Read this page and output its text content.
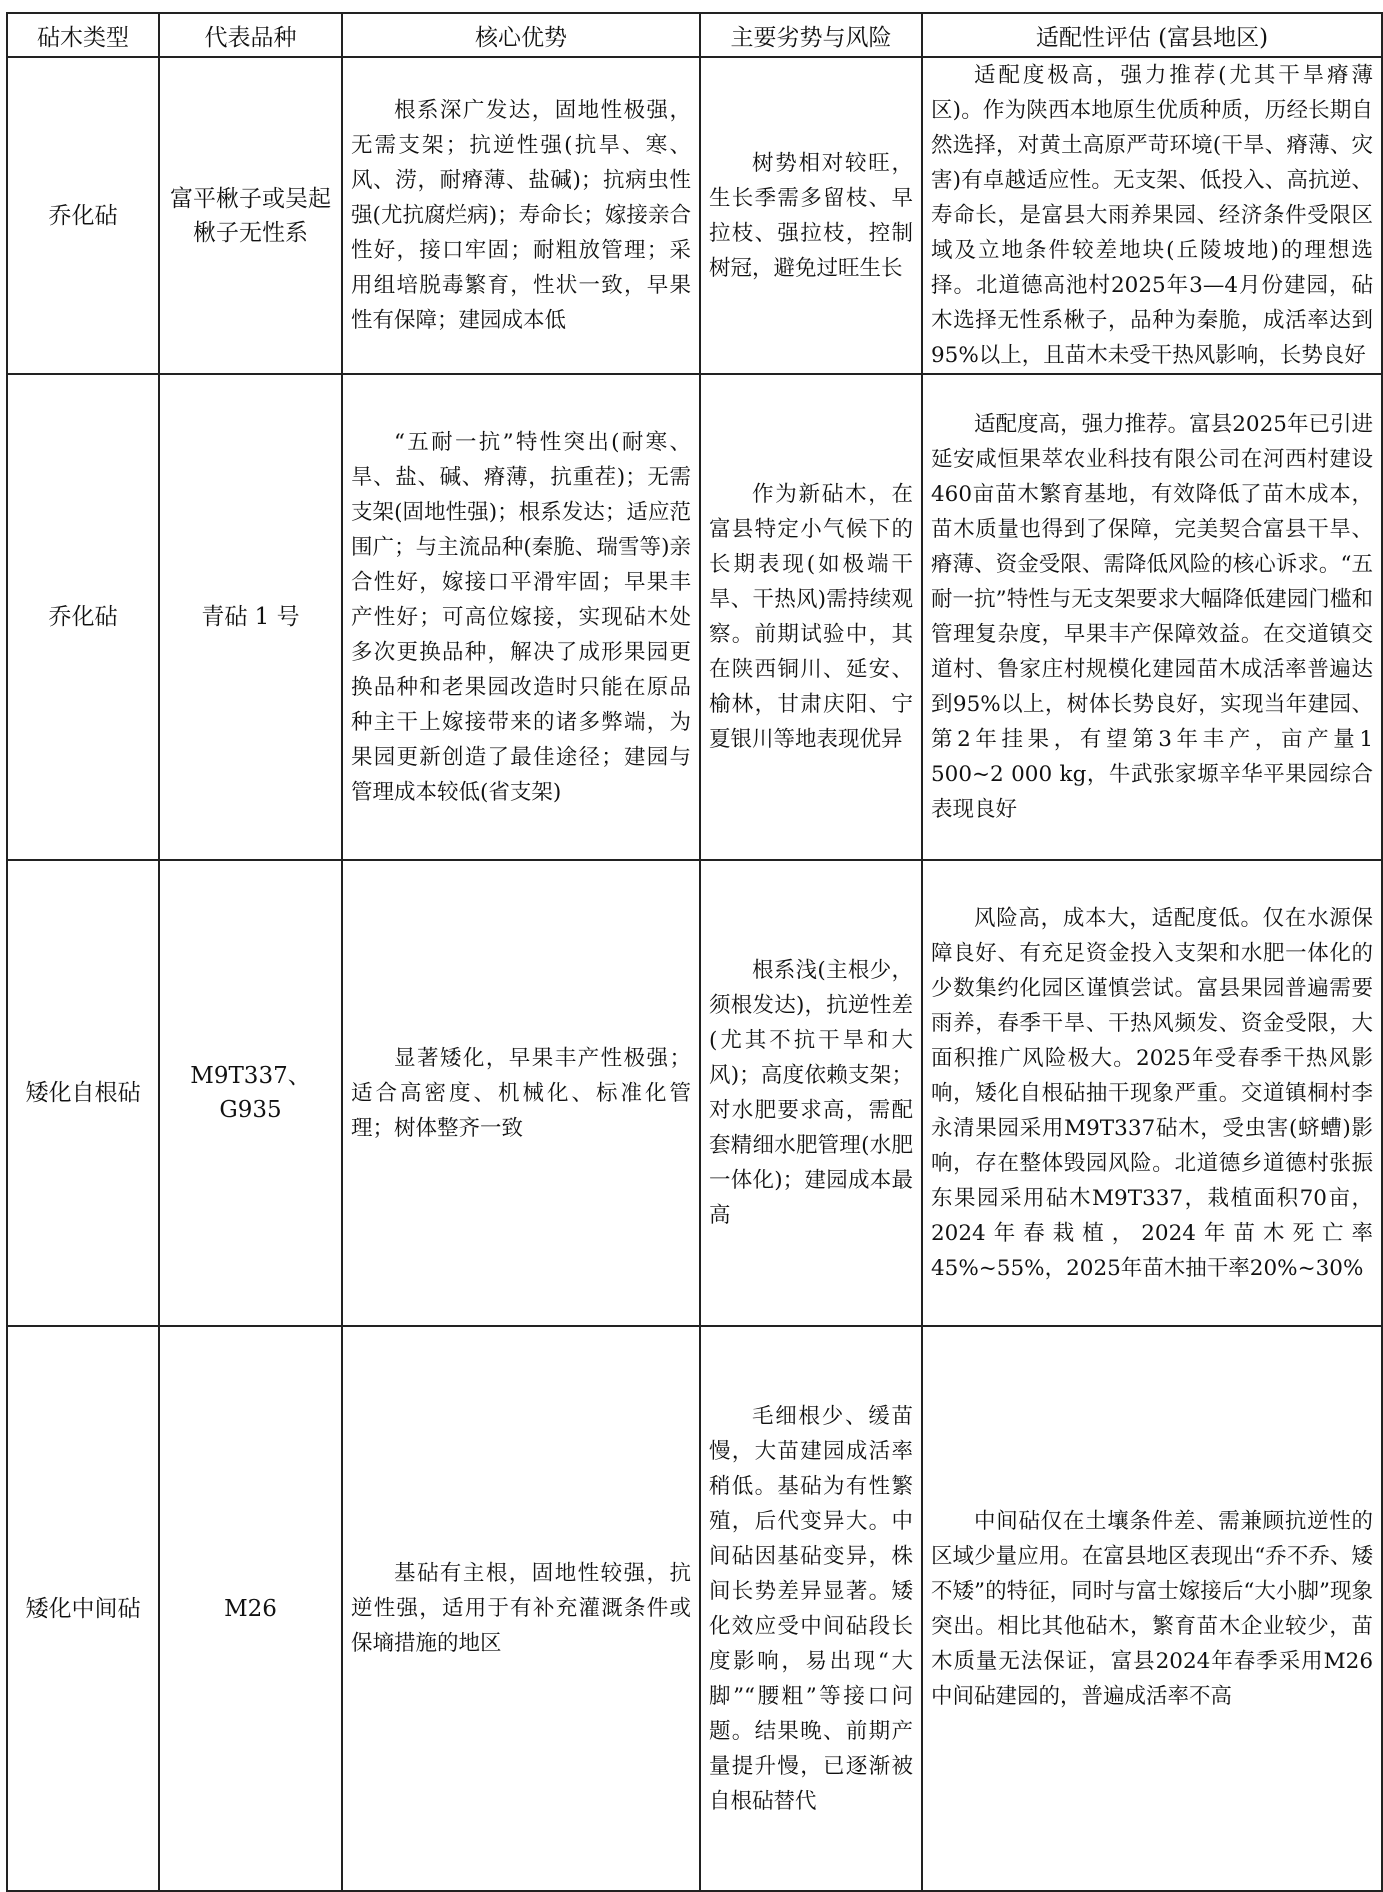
砧木类型	代表品种	核心优势	主要劣势与风险	适配性评估 (富县地区)
乔化砧	富平楸子或吴起楸子无性系	根系深广发达，固地性极强，无需支架；抗逆性强(抗旱、寒、风、涝，耐瘠薄、盐碱)；抗病虫性强(尤抗腐烂病)；寿命长；嫁接亲合性好，接口牢固；耐粗放管理；采用组培脱毒繁育，性状一致，早果性有保障；建园成本低	树势相对较旺，生长季需多留枝、早拉枝、强拉枝，控制树冠，避免过旺生长	适配度极高，强力推荐(尤其干旱瘠薄区)。作为陕西本地原生优质种质，历经长期自然选择，对黄土高原严苛环境(干旱、瘠薄、灾害)有卓越适应性。无支架、低投入、高抗逆、寿命长，是富县大雨养果园、经济条件受限区域及立地条件较差地块(丘陵坡地)的理想选择。北道德高池村2025年3—4月份建园，砧木选择无性系楸子，品种为秦脆，成活率达到95%以上，且苗木未受干热风影响，长势良好

乔化砧	青砧 1 号	“五耐一抗”特性突出(耐寒、旱、盐、碱、瘠薄，抗重茬)；无需支架(固地性强)；根系发达；适应范围广；与主流品种(秦脆、瑞雪等)亲合性好，嫁接口平滑牢固；早果丰产性好；可高位嫁接，实现砧木处多次更换品种，解决了成形果园更换品种和老果园改造时只能在原品种主干上嫁接带来的诸多弊端，为果园更新创造了最佳途径；建园与管理成本较低(省支架)	作为新砧木，在富县特定小气候下的长期表现(如极端干旱、干热风)需持续观察。前期试验中，其在陕西铜川、延安、榆林，甘肃庆阳、宁夏银川等地表现优异	适配度高，强力推荐。富县2025年已引进延安咸恒果萃农业科技有限公司在河西村建设460亩苗木繁育基地，有效降低了苗木成本，苗木质量也得到了保障，完美契合富县干旱、瘠薄、资金受限、需降低风险的核心诉求。“五耐一抗”特性与无支架要求大幅降低建园门槛和管理复杂度，早果丰产保障效益。在交道镇交道村、鲁家庄村规模化建园苗木成活率普遍达到95%以上，树体长势良好，实现当年建园、第2年挂果，有望第3年丰产，亩产量1 500~2 000 kg，牛武张家塬辛华平果园综合表现良好

矮化自根砧	M9T337、G935	显著矮化，早果丰产性极强；适合高密度、机械化、标准化管理；树体整齐一致	根系浅(主根少，须根发达)，抗逆性差(尤其不抗干旱和大风)；高度依赖支架；对水肥要求高，需配套精细水肥管理(水肥一体化)；建园成本最高	风险高，成本大，适配度低。仅在水源保障良好、有充足资金投入支架和水肥一体化的少数集约化园区谨慎尝试。富县果园普遍需要雨养，春季干旱、干热风频发、资金受限，大面积推广风险极大。2025年受春季干热风影响，矮化自根砧抽干现象严重。交道镇桐村李永清果园采用M9T337砧木，受虫害(蛴螬)影响，存在整体毁园风险。北道德乡道德村张振东果园采用砧木M9T337，栽植面积70亩，2024年春栽植，2024年苗木死亡率45%~55%，2025年苗木抽干率20%~30%

矮化中间砧	M26	基砧有主根，固地性较强，抗逆性强，适用于有补充灌溉条件或保墒措施的地区	毛细根少、缓苗慢，大苗建园成活率稍低。基砧为有性繁殖，后代变异大。中间砧因基砧变异，株间长势差异显著。矮化效应受中间砧段长度影响，易出现“大脚”“腰粗”等接口问题。结果晚、前期产量提升慢，已逐渐被自根砧替代	中间砧仅在土壤条件差、需兼顾抗逆性的区域少量应用。在富县地区表现出“乔不乔、矮不矮”的特征，同时与富士嫁接后“大小脚”现象突出。相比其他砧木，繁育苗木企业较少，苗木质量无法保证，富县2024年春季采用M26中间砧建园的，普遍成活率不高
